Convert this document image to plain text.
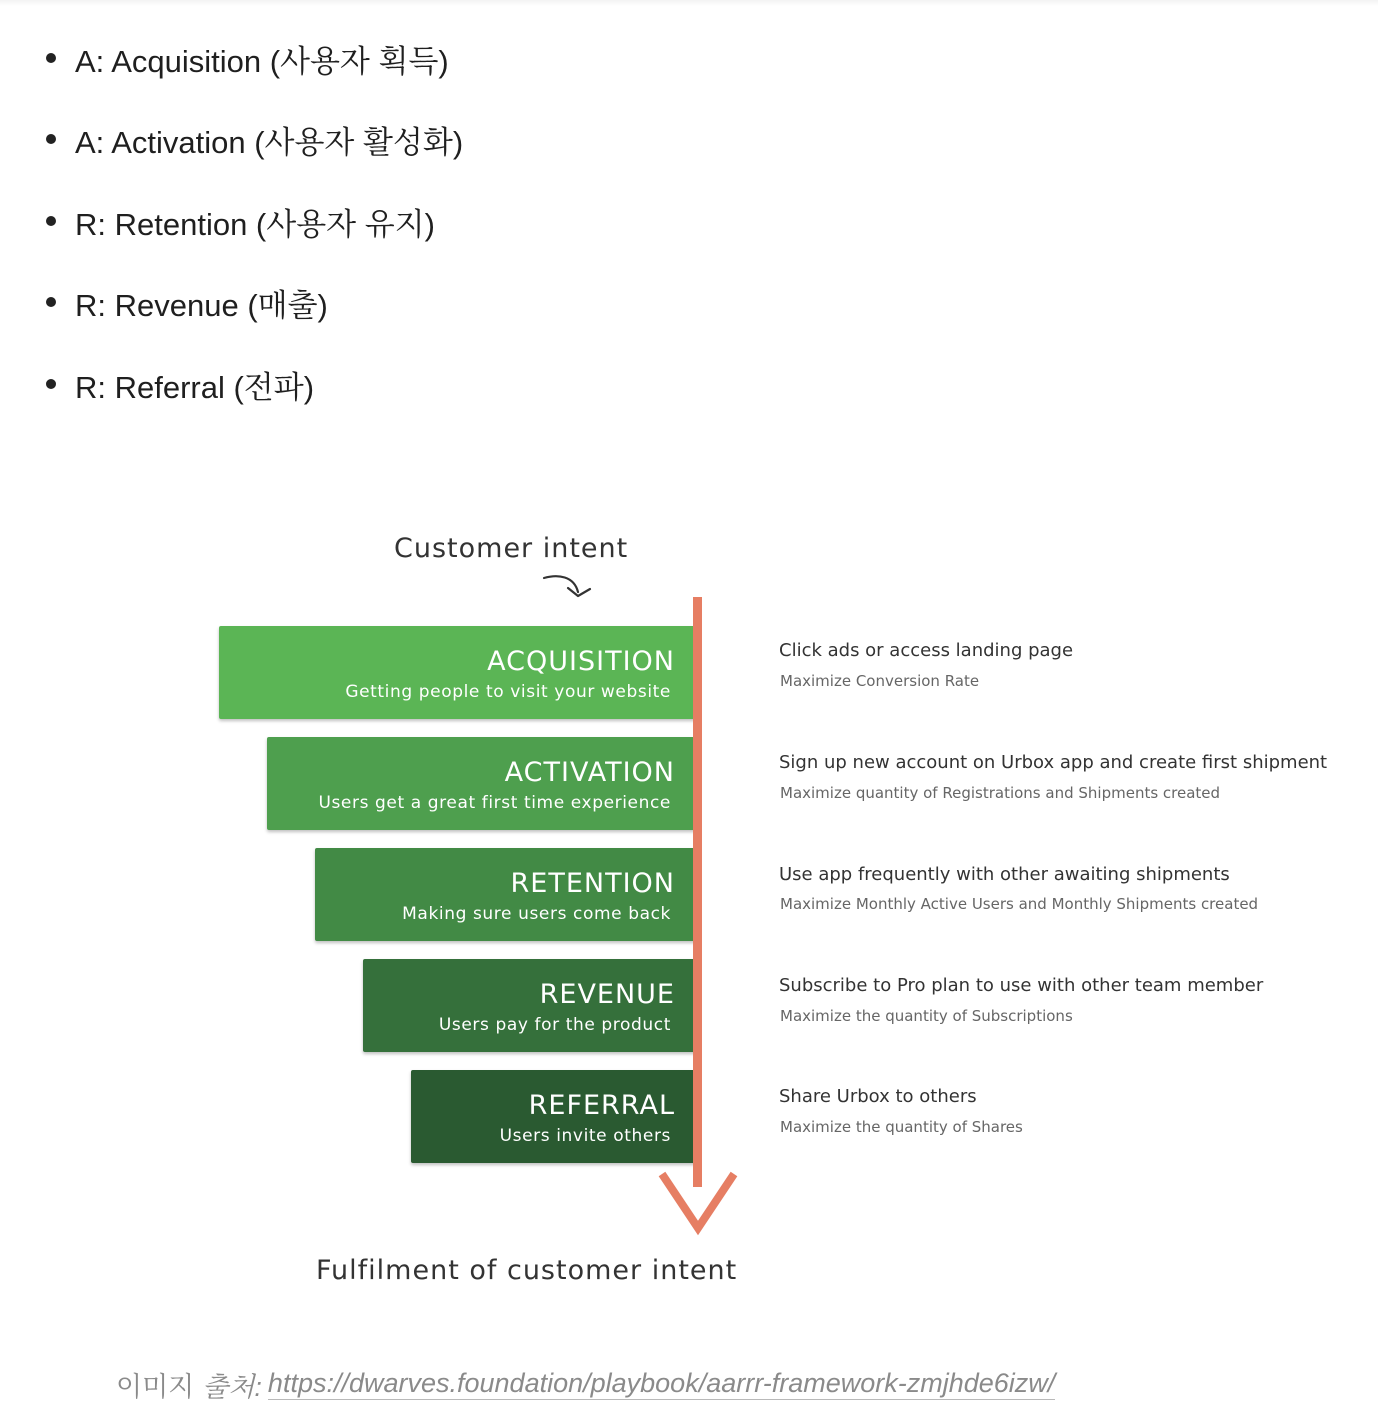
A: Acquisition (사용자 획득)
A: Activation (사용자 활성화)
R: Retention (사용자 유지)
R: Revenue (매출)
R: Referral (전파)
Customer intent
ACQUISITION
Getting people to visit your website
ACTIVATION
Users get a great first time experience
RETENTION
Making sure users come back
REVENUE
Users pay for the product
REFERRAL
Users invite others
Click ads or access landing page
Maximize Conversion Rate
Sign up new account on Urbox app and create first shipment
Maximize quantity of Registrations and Shipments created
Use app frequently with other awaiting shipments
Maximize Monthly Active Users and Monthly Shipments created
Subscribe to Pro plan to use with other team member
Maximize the quantity of Subscriptions
Share Urbox to others
Maximize the quantity of Shares
Fulfilment of customer intent
이미지 출처: https://dwarves.foundation/playbook/aarrr-framework-zmjhde6izw/
